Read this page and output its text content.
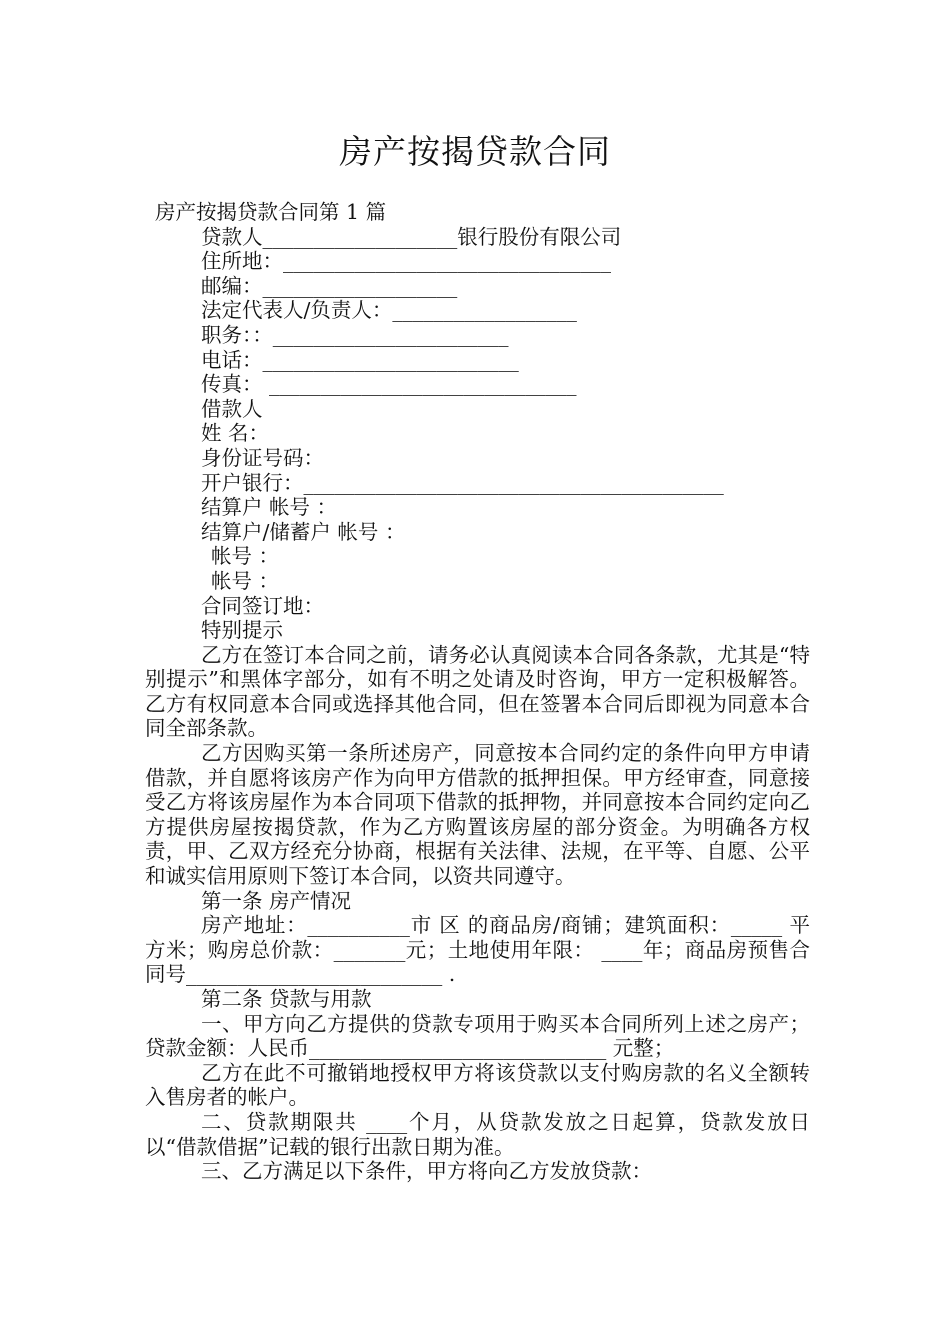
房产按揭贷款合同

房产按揭贷款合同第 1 篇

贷款人___________________银行股份有限公司

住所地：________________________________

邮编：___________________

法定代表人/负责人：__________________

职务：：_______________________

电话：_________________________

传真： ______________________________

借款人

姓 名：

身份证号码：

开户银行：_________________________________________

结算户 帐号 ：

结算户/储蓄户 帐号 ：

帐号 ：

帐号 ：

合同签订地：

特别提示

乙方在签订本合同之前，请务必认真阅读本合同各条款，尤其是“特别提示”和黑体字部分，如有不明之处请及时咨询，甲方一定积极解答。乙方有权同意本合同或选择其他合同，但在签署本合同后即视为同意本合同全部条款。

乙方因购买第一条所述房产，同意按本合同约定的条件向甲方申请借款，并自愿将该房产作为向甲方借款的抵押担保。甲方经审查，同意接受乙方将该房屋作为本合同项下借款的抵押物，并同意按本合同约定向乙方提供房屋按揭贷款，作为乙方购置该房屋的部分资金。为明确各方权责，甲、乙双方经充分协商，根据有关法律、法规，在平等、自愿、公平和诚实信用原则下签订本合同，以资共同遵守。

第一条 房产情况

房产地址：__________市 区 的商品房/商铺；建筑面积：_____ 平方米；购房总价款：_______元；土地使用年限： ____年；商品房预售合同号_________________________ .

第二条 贷款与用款

一、甲方向乙方提供的贷款专项用于购买本合同所列上述之房产；贷款金额：人民币_____________________________ 元整；

乙方在此不可撤销地授权甲方将该贷款以支付购房款的名义全额转入售房者的帐户。

二、贷款期限共 ____个月，从贷款发放之日起算，贷款发放日以“借款借据”记载的银行出款日期为准。

三、乙方满足以下条件，甲方将向乙方发放贷款：
